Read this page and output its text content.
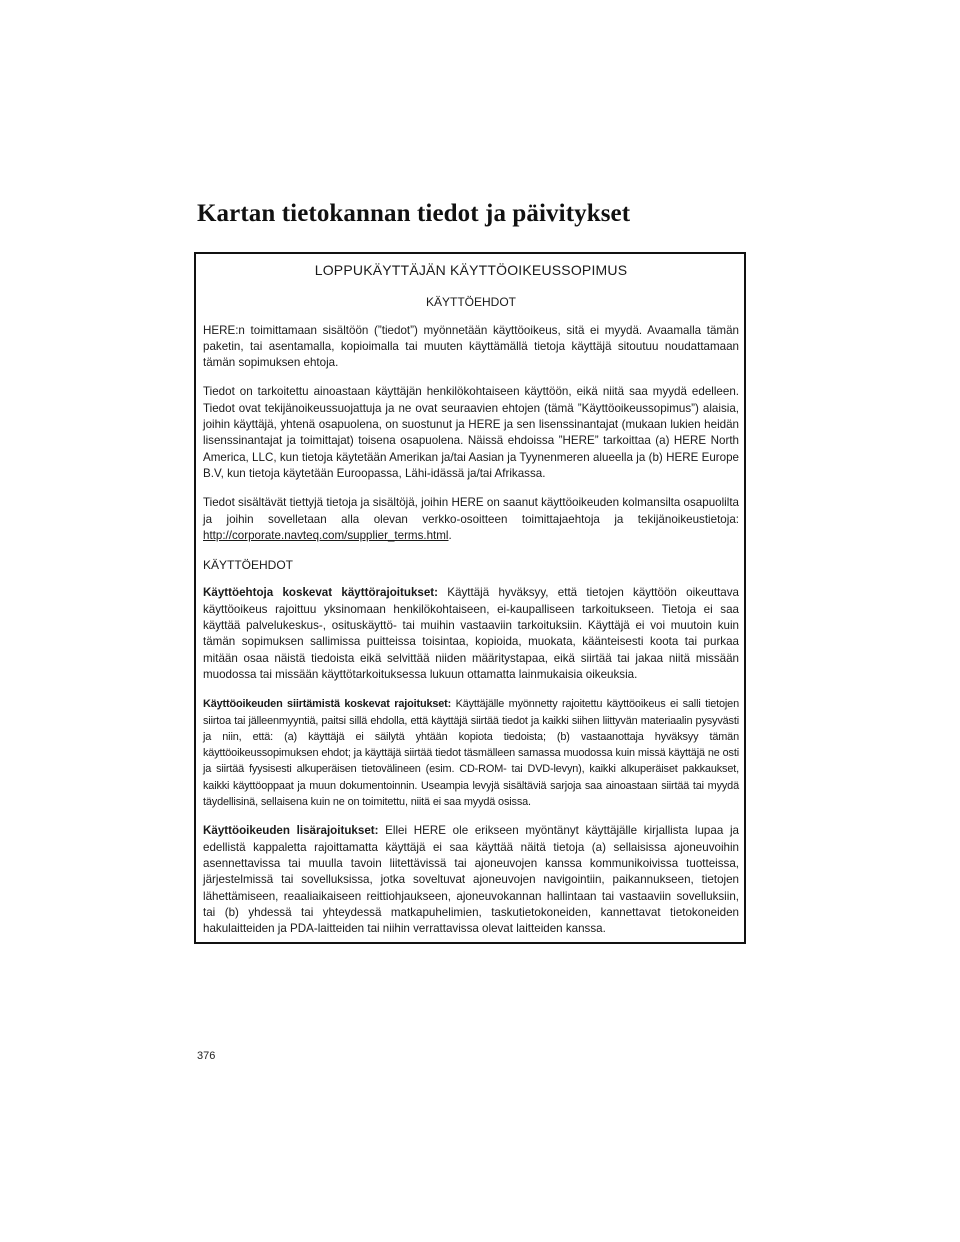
Kartan tietokannan tiedot ja päivitykset
LOPPUKÄYTTÄJÄN KÄYTTÖOIKEUSSOPIMUS
KÄYTTÖEHDOT

HERE:n toimittamaan sisältöön (”tiedot”) myönnetään käyttöoikeus, sitä ei myydä. Avaamalla tämän paketin, tai asentamalla, kopioimalla tai muuten käyttämällä tietoja käyttäjä sitoutuu noudattamaan tämän sopimuksen ehtoja.

Tiedot on tarkoitettu ainoastaan käyttäjän henkilökohtaiseen käyttöön, eikä niitä saa myydä edelleen. Tiedot ovat tekijänoikeussuojattuja ja ne ovat seuraavien ehtojen (tämä ”Käyttöoikeussopimus”) alaisia, joihin käyttäjä, yhtenä osapuolena, on suostunut ja HERE ja sen lisenssinantajat (mukaan lukien heidän lisenssinantajat ja toimittajat) toisena osapuolena. Näissä ehdoissa ”HERE” tarkoittaa (a) HERE North America, LLC, kun tietoja käytetään Amerikan ja/tai Aasian ja Tyynenmeren alueella ja (b) HERE Europe B.V, kun tietoja käytetään Euroopassa, Lähi-idässä ja/tai Afrikassa.

Tiedot sisältävät tiettyjä tietoja ja sisältöjä, joihin HERE on saanut käyttöoikeuden kolmansilta osapuolilta ja joihin sovelletaan alla olevan verkko-osoitteen toimittajaehtoja ja tekijänoikeustietoja: http://corporate.navteq.com/supplier_terms.html.

KÄYTTÖEHDOT

Käyttöehtoja koskevat käyttörajoitukset: Käyttäjä hyväksyy, että tietojen käyttöön oikeuttava käyttöoikeus rajoittuu yksinomaan henkilökohtaiseen, ei-kaupalliseen tarkoitukseen. Tietoja ei saa käyttää palvelukeskus-, osituskäyttö- tai muihin vastaaviin tarkoituksiin. Käyttäjä ei voi muutoin kuin tämän sopimuksen sallimissa puitteissa toisintaa, kopioida, muokata, käänteisesti koota tai purkaa mitään osaa näistä tiedoista eikä selvittää niiden määritystapaa, eikä siirtää tai jakaa niitä missään muodossa tai missään käyttötarkoituksessa lukuun ottamatta lainmukaisia oikeuksia.

Käyttöoikeuden siirtämistä koskevat rajoitukset: Käyttäjälle myönnetty rajoitettu käyttöoikeus ei salli tietojen siirtoa tai jälleenmyyntiä, paitsi sillä ehdolla, että käyttäjä siirtää tiedot ja kaikki siihen liittyvän materiaalin pysyvästi ja niin, että: (a) käyttäjä ei säilytä yhtään kopiota tiedoista; (b) vastaanottaja hyväksyy tämän käyttöoikeussopimuksen ehdot; ja käyttäjä siirtää tiedot täsmälleen samassa muodossa kuin missä käyttäjä ne osti ja siirtää fyysisesti alkuperäisen tietovälineen (esim. CD-ROM- tai DVD-levyn), kaikki alkuperäiset pakkaukset, kaikki käyttöoppaat ja muun dokumentoinnin. Useampia levyjä sisältäviä sarjoja saa ainoastaan siirtää tai myydä täydellisinä, sellaisena kuin ne on toimitettu, niitä ei saa myydä osissa.

Käyttöoikeuden lisärajoitukset: Ellei HERE ole erikseen myöntänyt käyttäjälle kirjallista lupaa ja edellistä kappaletta rajoittamatta käyttäjä ei saa käyttää näitä tietoja (a) sellaisissa ajoneuvoihin asennettavissa tai muulla tavoin liitettävissä tai ajoneuvojen kanssa kommunikoivissa tuotteissa, järjestelmissä tai sovelluksissa, jotka soveltuvat ajoneuvojen navigointiin, paikannukseen, tietojen lähettämiseen, reaaliaikaiseen reittiohjaukseen, ajoneuvokannan hallintaan tai vastaaviin sovelluksiin, tai (b) yhdessä tai yhteydessä matkapuhelimien, taskutietokoneiden, kannettavat tietokoneiden hakulaitteiden ja PDA-laitteiden tai niihin verrattavissa olevat laitteiden kanssa.

376
